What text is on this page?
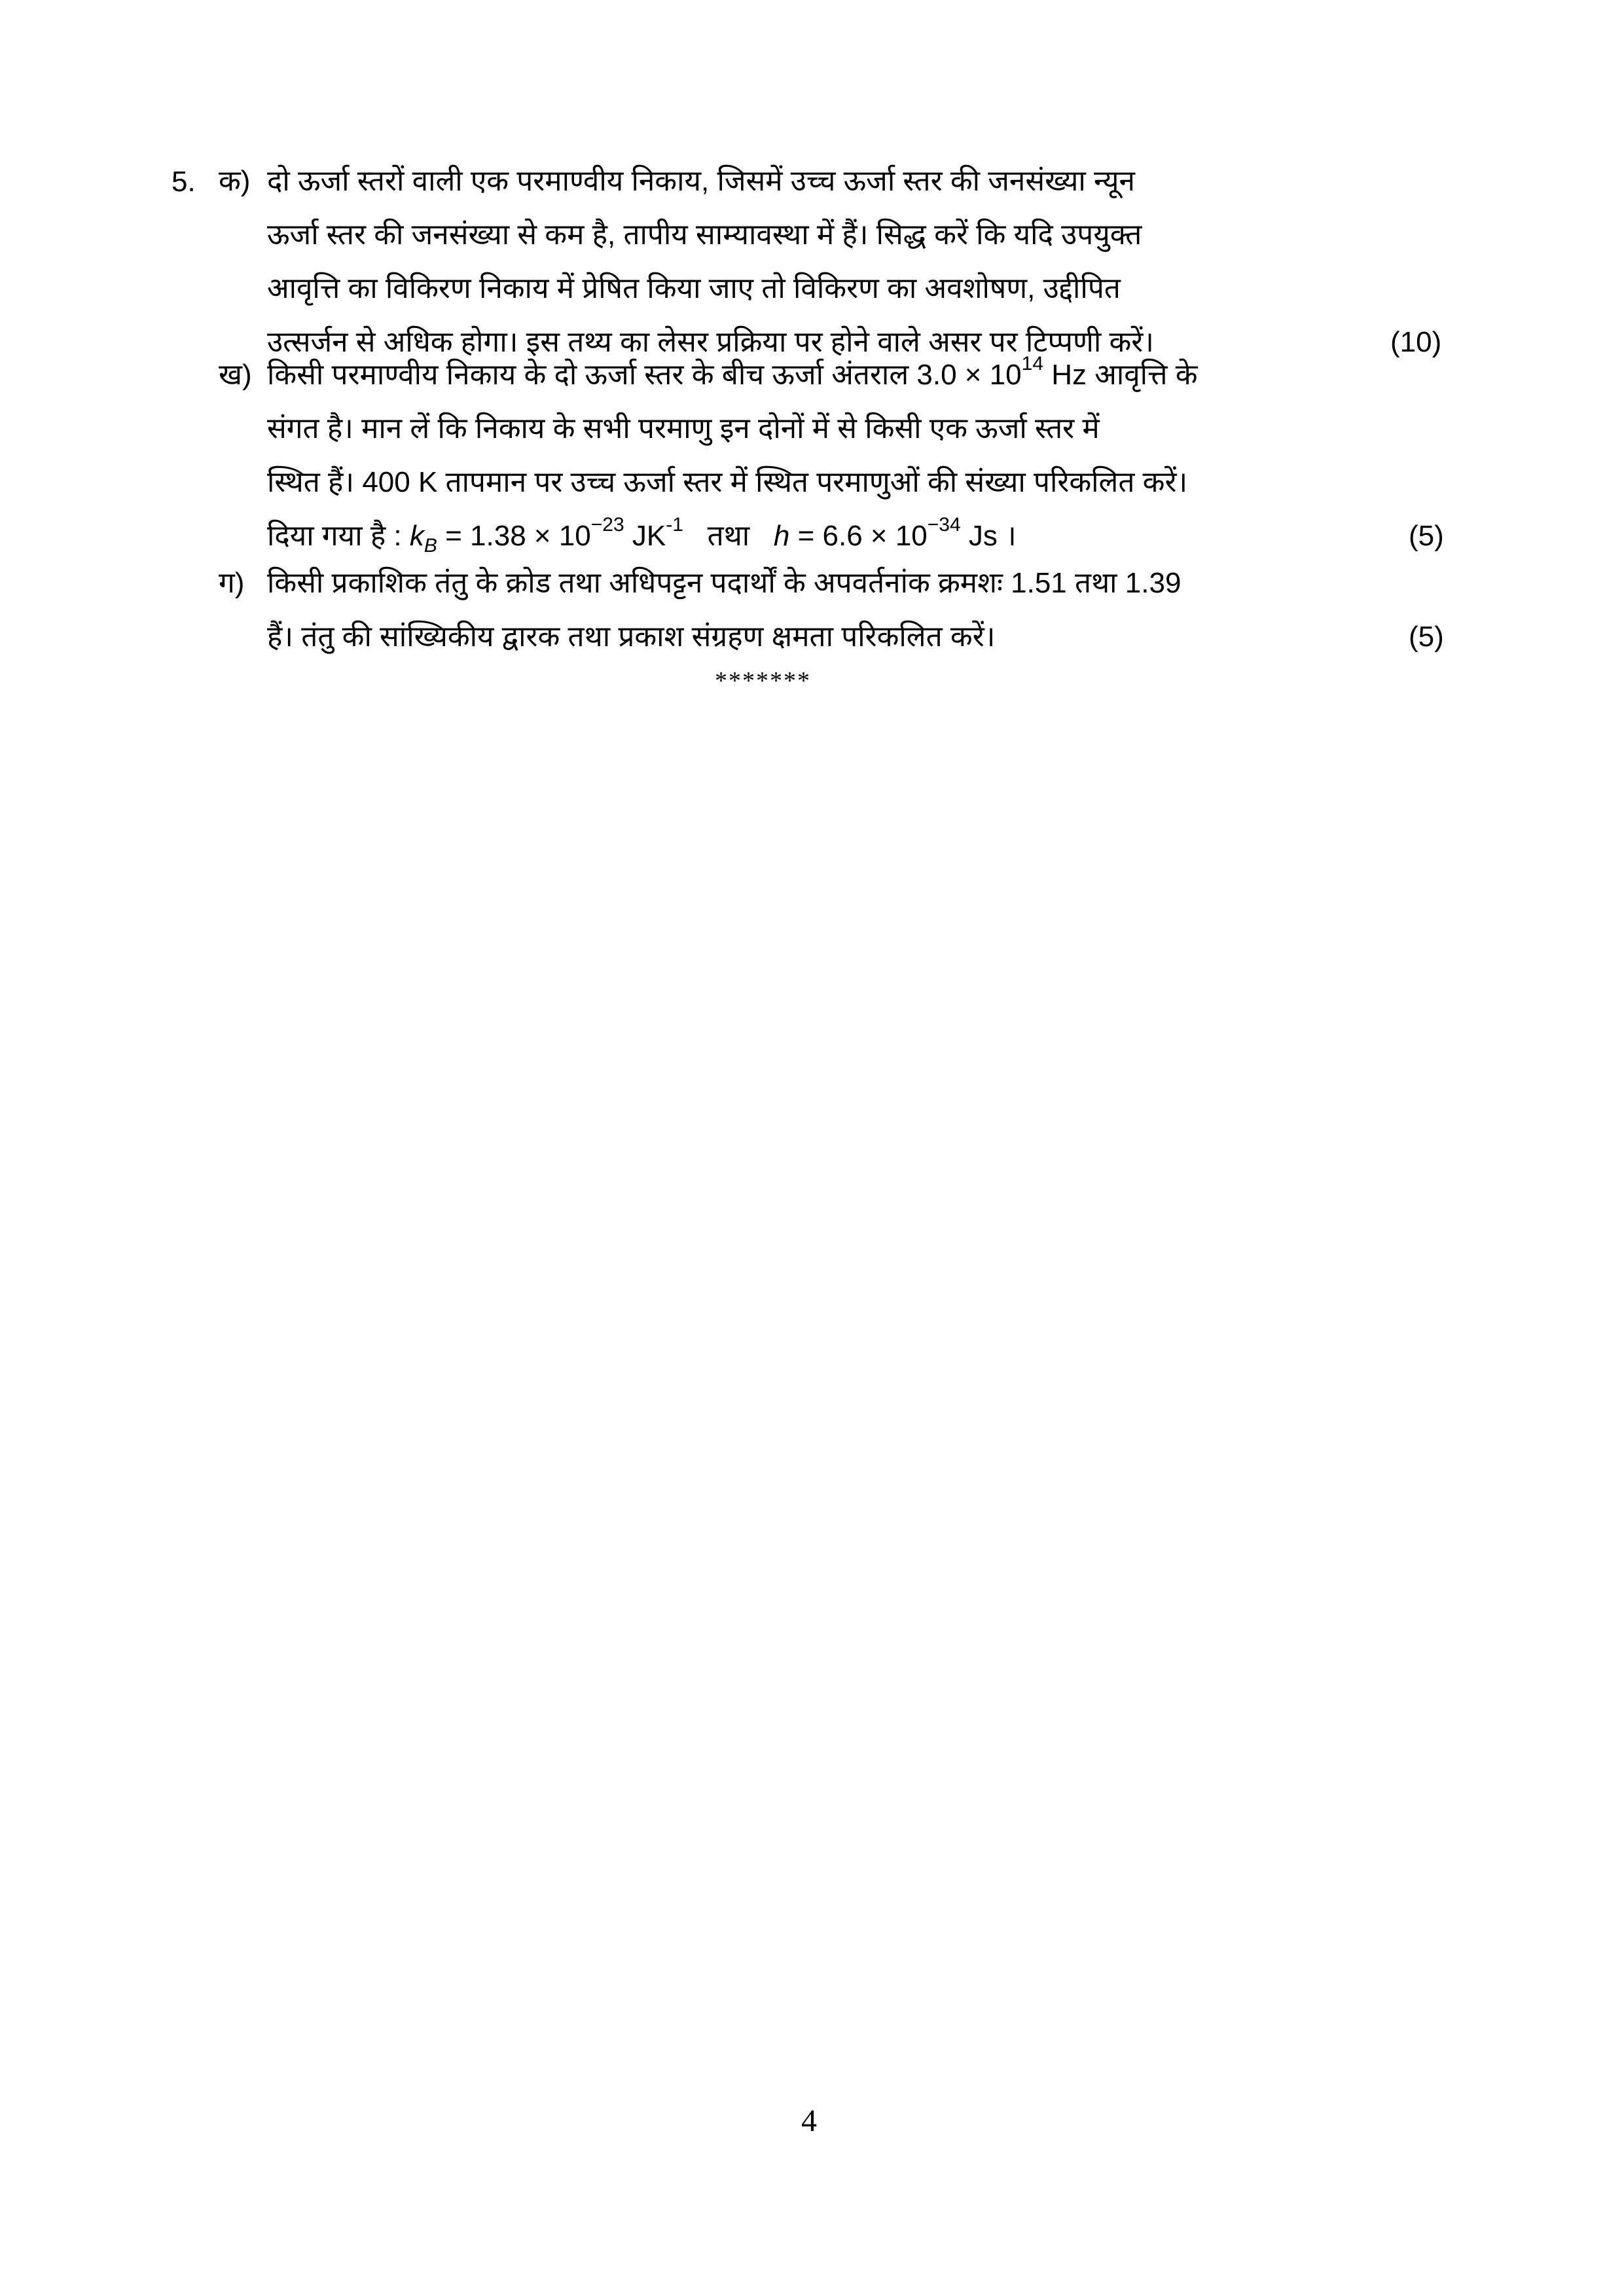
5. क) दो ऊर्जा स्तरों वाली एक परमाण्वीय निकाय, जिसमें उच्च ऊर्जा स्तर की जनसंख्या न्यून
ऊर्जा स्तर की जनसंख्या से कम है, तापीय साम्यावस्था में हैं। सिद्ध करें कि यदि उपयुक्त
आवृत्ति का विकिरण निकाय में प्रेषित किया जाए तो विकिरण का अवशोषण, उद्दीपित
उत्सर्जन से अधिक होगा। इस तथ्य का लेसर प्रक्रिया पर होने वाले असर पर टिप्पणी करें।	(10)
ख) किसी परमाण्वीय निकाय के दो ऊर्जा स्तर के बीच ऊर्जा अंतराल $3.0 \times 10^{14}$ Hz आवृत्ति के
संगत है। मान लें कि निकाय के सभी परमाणु इन दोनों में से किसी एक ऊर्जा स्तर में
स्थित हैं। 400 K तापमान पर उच्च ऊर्जा स्तर में स्थित परमाणुओं की संख्या परिकलित करें।
दिया गया है : $k_B = 1.38 \times 10^{-23}$ $JK^{-1}$ तथा $h = 6.6 \times 10^{-34}$ Js ।	(5)
ग) किसी प्रकाशिक तंतु के क्रोड तथा अधिपट्टन पदार्थों के अपवर्तनांक क्रमशः 1.51 तथा 1.39
हैं। तंतु की सांख्यिकीय द्वारक तथा प्रकाश संग्रहण क्षमता परिकलित करें।	(5)
*******
4
